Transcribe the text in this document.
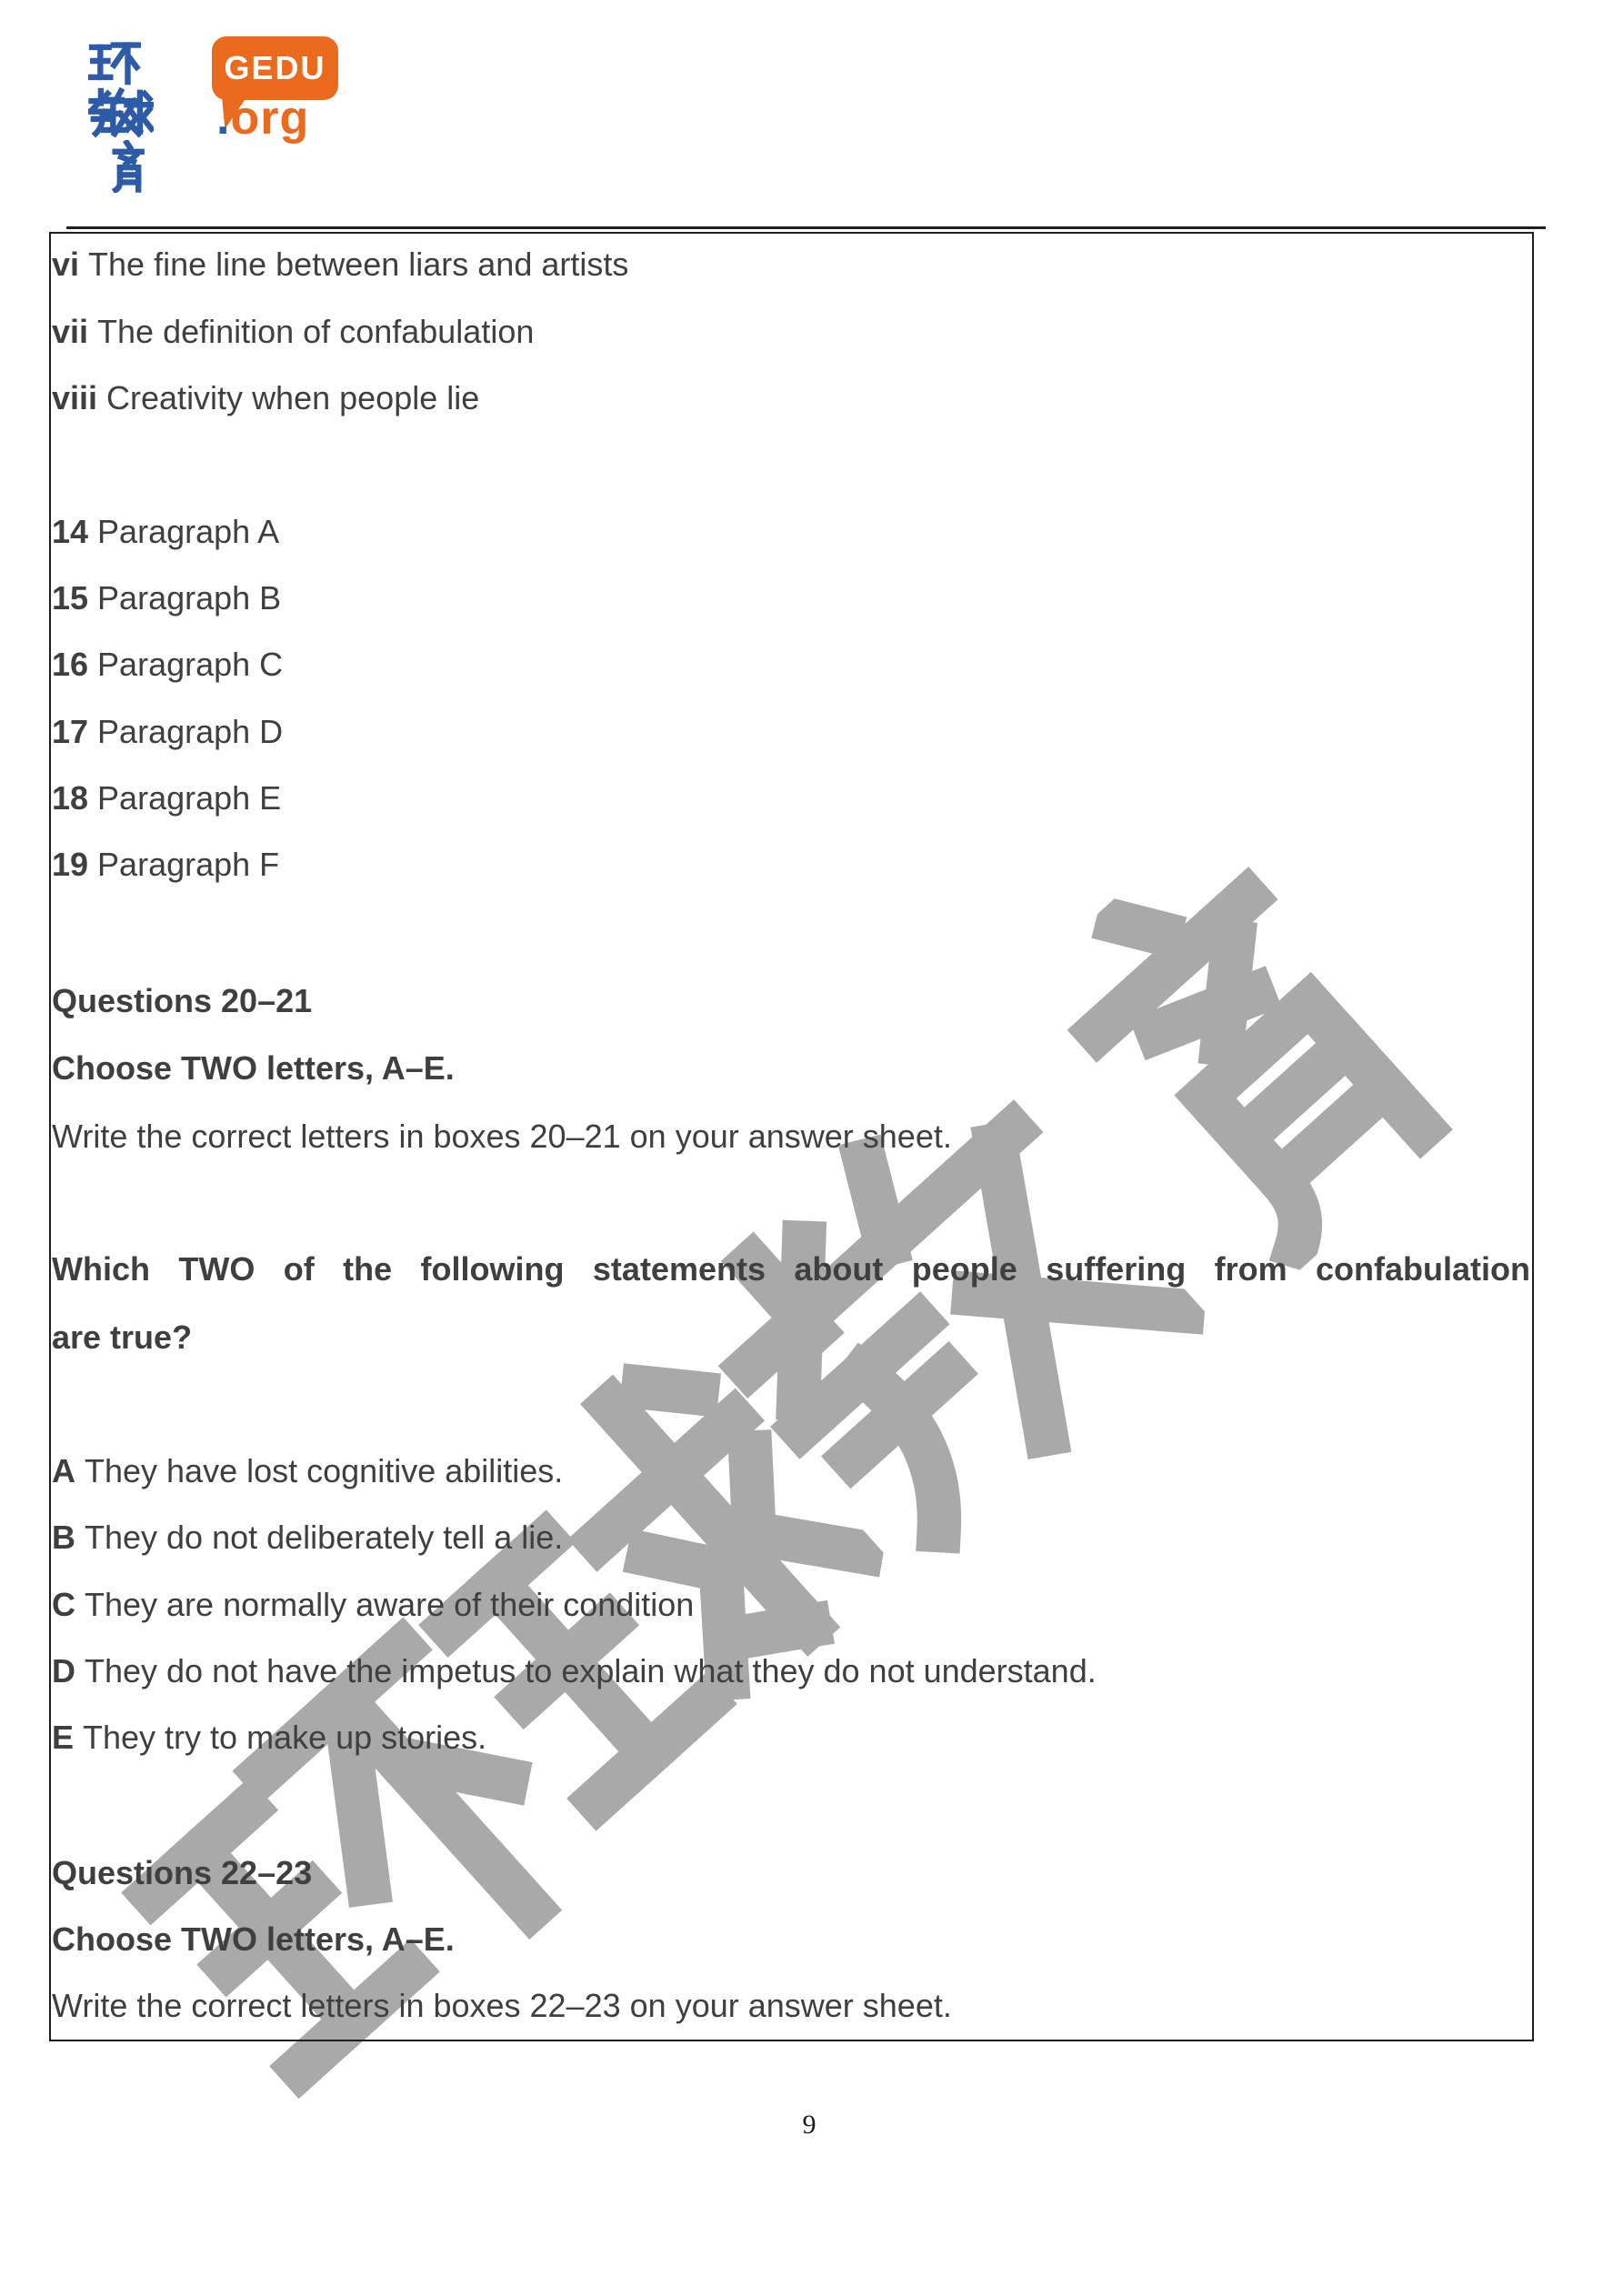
GEDU
.org
vi The fine line between liars and artists
vii The definition of confabulation
viii Creativity when people lie
14 Paragraph A
15 Paragraph B
16 Paragraph C
17 Paragraph D
18 Paragraph E
19 Paragraph F
Questions 20–21
Choose TWO letters, A–E.
Write the correct letters in boxes 20–21 on your answer sheet.
Which TWO of the following statements about people suffering from confabulation
are true?
A They have lost cognitive abilities.
B They do not deliberately tell a lie.
C They are normally aware of their condition
D They do not have the impetus to explain what they do not understand.
E They try to make up stories.
Questions 22–23
Choose TWO letters, A–E.
Write the correct letters in boxes 22–23 on your answer sheet.
9
